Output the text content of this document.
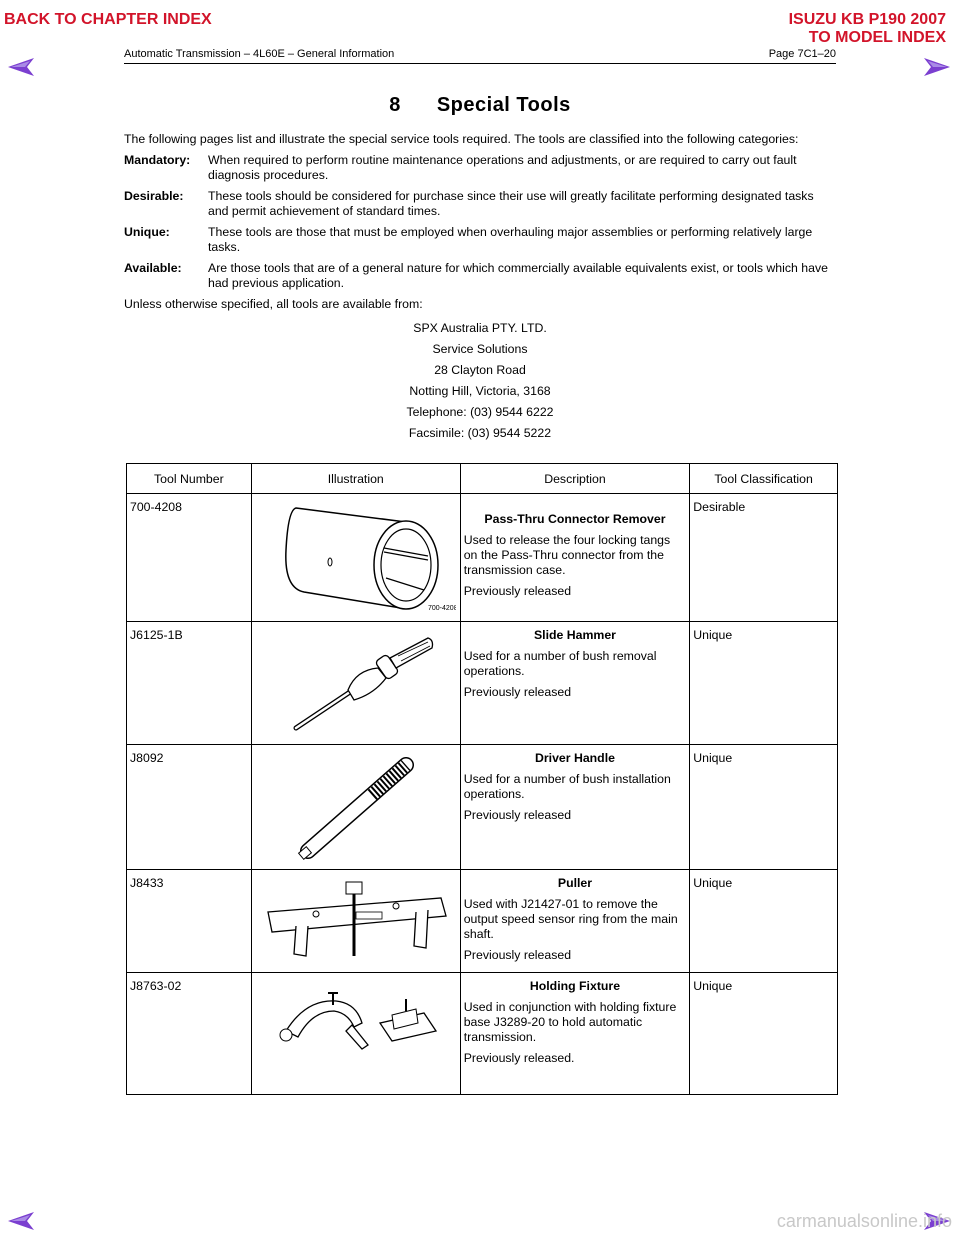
BACK TO CHAPTER INDEX	ISUZU KB P190 2007
TO MODEL INDEX
Automatic Transmission – 4L60E – General Information	Page 7C1–20
8 Special Tools

The following pages list and illustrate the special service tools required. The tools are classified into the following categories:

Mandatory:	When required to perform routine maintenance operations and adjustments, or are required to carry out fault diagnosis procedures.
Desirable:	These tools should be considered for purchase since their use will greatly facilitate performing designated tasks and permit achievement of standard times.
Unique:	These tools are those that must be employed when overhauling major assemblies or performing relatively large tasks.
Available:	Are those tools that are of a general nature for which commercially available equivalents exist, or tools which have had previous application.

Unless otherwise specified, all tools are available from:

SPX Australia PTY. LTD.
Service Solutions
28 Clayton Road
Notting Hill, Victoria, 3168
Telephone: (03) 9544 6222
Facsimile: (03) 9544 5222
Tool Number	Illustration	Description	Tool Classification
700-4208	700-4208	Pass-Thru Connector Remover
Used to release the four locking tangs on the Pass-Thru connector from the transmission case.
Previously released	Desirable
J6125-1B		Slide Hammer
Used for a number of bush removal operations.
Previously released	Unique
J8092		Driver Handle
Used for a number of bush installation operations.
Previously released	Unique
J8433		Puller
Used with J21427-01 to remove the output speed sensor ring from the main shaft.
Previously released	Unique
J8763-02		Holding Fixture
Used in conjunction with holding fixture base J3289-20 to hold automatic transmission.
Previously released.	Unique
carmanualsonline.info
